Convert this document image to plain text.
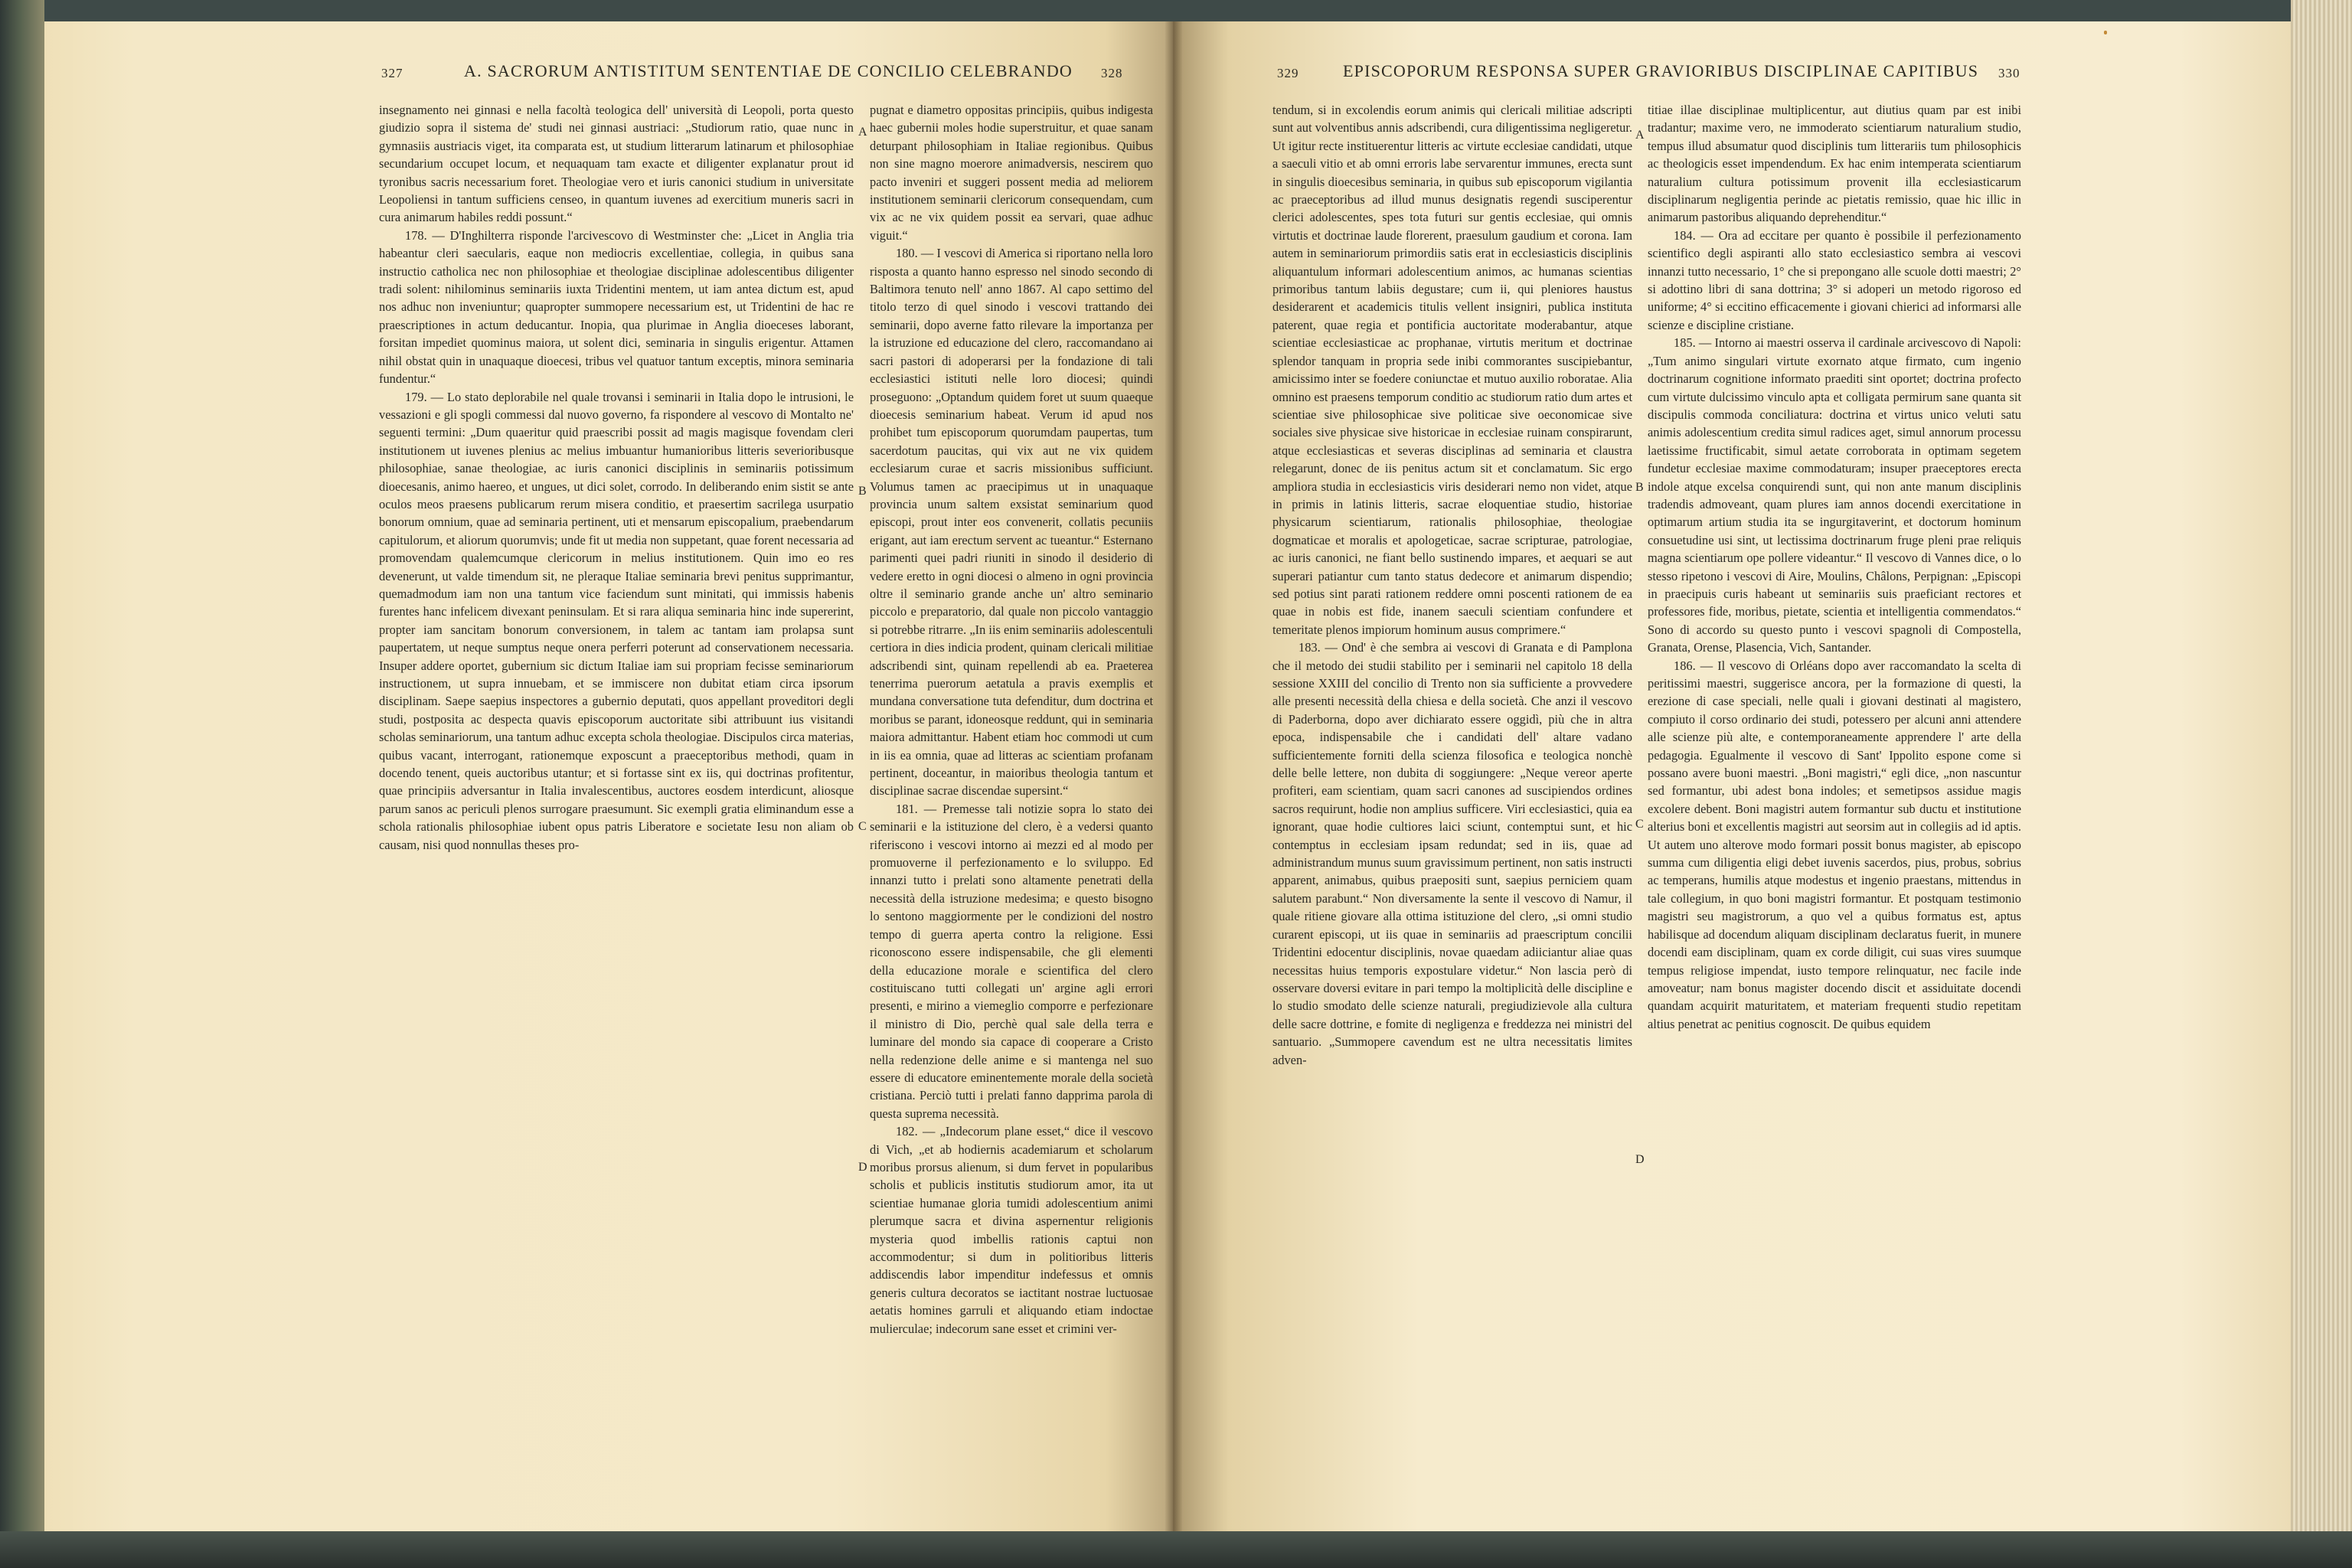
327	A. SACRORUM ANTISTITUM SENTENTIAE DE CONCILIO CELEBRANDO 328

insegnamento nei ginnasi e nella facoltà teologica dell' università di Leopoli, porta questo giudizio sopra il sistema de' studi nei ginnasi austriaci: „Studiorum ratio, quae nunc in gymnasiis austriacis viget, ita comparata est, ut studium litterarum latinarum et philosophiae secundarium occupet locum, et nequaquam tam exacte et diligenter explanatur prout id tyronibus sacris necessarium foret. Theologiae vero et iuris canonici studium in universitate Leopoliensi in tantum sufficiens censeo, in quantum iuvenes ad exercitium muneris sacri in cura animarum habiles reddi possunt.“

178. — D'Inghilterra risponde l'arcivescovo di Westminster che: „Licet in Anglia tria habeantur cleri saecularis, eaque non mediocris excellentiae, collegia, in quibus sana instructio catholica nec non philosophiae et theologiae disciplinae adolescentibus diligenter tradi solent: nihilominus seminariis iuxta Tridentini mentem, ut iam antea dictum est, apud nos adhuc non inveniuntur; quapropter summopere necessarium est, ut Tridentini de hac re praescriptiones in actum deducantur. Inopia, qua plurimae in Anglia dioeceses laborant, forsitan impediet quominus maiora, ut solent dici, seminaria in singulis erigentur. Attamen nihil obstat quin in unaquaque dioecesi, tribus vel quatuor tantum exceptis, minora seminaria fundentur.“

179. — Lo stato deplorabile nel quale trovansi i seminarii in Italia dopo le intrusioni, le vessazioni e gli spogli commessi dal nuovo governo, fa rispondere al vescovo di Montalto ne' seguenti termini: „Dum quaeritur quid praescribi possit ad magis magisque fovendam cleri institutionem ut iuvenes plenius ac melius imbuantur humanioribus litteris severioribusque philosophiae, sanae theologiae, ac iuris canonici disciplinis in seminariis potissimum dioecesanis, animo haereo, et ungues, ut dici solet, corrodo. In deliberando enim sistit se ante oculos meos praesens publicarum rerum misera conditio, et praesertim sacrilega usurpatio bonorum omnium, quae ad seminaria pertinent, uti et mensarum episcopalium, praebendarum capitulorum, et aliorum quorumvis; unde fit ut media non suppetant, quae forent necessaria ad promovendam qualemcumque clericorum in melius institutionem. Quin imo eo res devenerunt, ut valde timendum sit, ne pleraque Italiae seminaria brevi penitus supprimantur, quemadmodum iam non una tantum vice faciendum sunt minitati, qui immissis habenis furentes hanc infelicem divexant peninsulam. Et si rara aliqua seminaria hinc inde supererint, propter iam sancitam bonorum conversionem, in talem ac tantam iam prolapsa sunt paupertatem, ut neque sumptus neque onera perferri poterunt ad conservationem necessaria. Insuper addere oportet, gubernium sic dictum Italiae iam sui propriam fecisse seminariorum instructionem, ut supra innuebam, et se immiscere non dubitat etiam circa ipsorum disciplinam. Saepe saepius inspectores a gubernio deputati, quos appellant proveditori degli studi, postposita ac despecta quavis episcoporum auctoritate sibi attribuunt ius visitandi scholas seminariorum, una tantum adhuc excepta schola theologiae. Discipulos circa materias, quibus vacant, interrogant, rationemque exposcunt a praeceptoribus methodi, quam in docendo tenent, queis auctoribus utantur; et si fortasse sint ex iis, qui doctrinas profitentur, quae principiis adversantur in Italia invalescentibus, auctores eosdem interdicunt, aliosque parum sanos ac periculi plenos surrogare praesumunt. Sic exempli gratia eliminandum esse a schola rationalis philosophiae iubent opus patris Liberatore e societate Iesu non aliam ob causam, nisi quod nonnullas theses pro-

A
B
C
D

pugnat e diametro oppositas principiis, quibus indigesta haec gubernii moles hodie superstruitur, et quae sanam deturpant philosophiam in Italiae regionibus. Quibus non sine magno moerore animadversis, nescirem quo pacto inveniri et suggeri possent media ad meliorem institutionem seminarii clericorum consequendam, cum vix ac ne vix quidem possit ea servari, quae adhuc viguit.“

180. — I vescovi di America si riportano nella loro risposta a quanto hanno espresso nel sinodo secondo di Baltimora tenuto nell' anno 1867. Al capo settimo del titolo terzo di quel sinodo i vescovi trattando dei seminarii, dopo averne fatto rilevare la importanza per la istruzione ed educazione del clero, raccomandano ai sacri pastori di adoperarsi per la fondazione di tali ecclesiastici istituti nelle loro diocesi; quindi proseguono: „Optandum quidem foret ut suum quaeque dioecesis seminarium habeat. Verum id apud nos prohibet tum episcoporum quorumdam paupertas, tum sacerdotum paucitas, qui vix aut ne vix quidem ecclesiarum curae et sacris missionibus sufficiunt. Volumus tamen ac praecipimus ut in unaquaque provincia unum saltem exsistat seminarium quod episcopi, prout inter eos convenerit, collatis pecuniis erigant, aut iam erectum servent ac tueantur.“ Esternano parimenti quei padri riuniti in sinodo il desiderio di vedere eretto in ogni diocesi o almeno in ogni provincia oltre il seminario grande anche un' altro seminario piccolo e preparatorio, dal quale non piccolo vantaggio si potrebbe ritrarre. „In iis enim seminariis adolescentuli certiora in dies indicia prodent, quinam clericali militiae adscribendi sint, quinam repellendi ab ea. Praeterea tenerrima puerorum aetatula a pravis exemplis et mundana conversatione tuta defenditur, dum doctrina et moribus se parant, idoneosque reddunt, qui in seminaria maiora admittantur. Habent etiam hoc commodi ut cum in iis ea omnia, quae ad litteras ac scientiam profanam pertinent, doceantur, in maioribus theologia tantum et disciplinae sacrae discendae supersint.“

181. — Premesse tali notizie sopra lo stato dei seminarii e la istituzione del clero, è a vedersi quanto riferiscono i vescovi intorno ai mezzi ed al modo per promuoverne il perfezionamento e lo sviluppo. Ed innanzi tutto i prelati sono altamente penetrati della necessità della istruzione medesima; e questo bisogno lo sentono maggiormente per le condizioni del nostro tempo di guerra aperta contro la religione. Essi riconoscono essere indispensabile, che gli elementi della educazione morale e scientifica del clero costituiscano tutti collegati un' argine agli errori presenti, e mirino a viemeglio comporre e perfezionare il ministro di Dio, perchè qual sale della terra e luminare del mondo sia capace di cooperare a Cristo nella redenzione delle anime e si mantenga nel suo essere di educatore eminentemente morale della società cristiana. Perciò tutti i prelati fanno dapprima parola di questa suprema necessità.

182. — „Indecorum plane esset,“ dice il vescovo di Vich, „et ab hodiernis academiarum et scholarum moribus prorsus alienum, si dum fervet in popularibus scholis et publicis institutis studiorum amor, ita ut scientiae humanae gloria tumidi adolescentium animi plerumque sacra et divina aspernentur religionis mysteria quod imbellis rationis captui non accommodentur; si dum in politioribus litteris addiscendis labor impenditur indefessus et omnis generis cultura decoratos se iactitant nostrae luctuosae aetatis homines garruli et aliquando etiam indoctae mulierculae; indecorum sane esset et crimini ver-

329	EPISCOPORUM RESPONSA SUPER GRAVIORIBUS DISCIPLINAE CAPITIBUS 330

tendum, si in excolendis eorum animis qui clericali militiae adscripti sunt aut volventibus annis adscribendi, cura diligentissima negligeretur. Ut igitur recte instituerentur litteris ac virtute ecclesiae candidati, utque a saeculi vitio et ab omni erroris labe servarentur immunes, erecta sunt in singulis dioecesibus seminaria, in quibus sub episcoporum vigilantia ac praeceptoribus ad illud munus designatis regendi susciperentur clerici adolescentes, spes tota futuri sur gentis ecclesiae, qui omnis virtutis et doctrinae laude florerent, praesulum gaudium et corona. Iam autem in seminariorum primordiis satis erat in ecclesiasticis disciplinis aliquantulum informari adolescentium animos, ac humanas scientias primoribus tantum labiis degustare; cum ii, qui pleniores haustus desiderarent et academicis titulis vellent insigniri, publica instituta paterent, quae regia et pontificia auctoritate moderabantur, atque scientiae ecclesiasticae ac prophanae, virtutis meritum et doctrinae splendor tanquam in propria sede inibi commorantes suscipiebantur, amicissimo inter se foedere coniunctae et mutuo auxilio roboratae. Alia omnino est praesens temporum conditio ac studiorum ratio dum artes et scientiae sive philosophicae sive politicae sive oeconomicae sive sociales sive physicae sive historicae in ecclesiae ruinam conspirarunt, atque ecclesiasticas et severas disciplinas ad seminaria et claustra relegarunt, donec de iis penitus actum sit et conclamatum. Sic ergo ampliora studia in ecclesiasticis viris desiderari nemo non videt, atque in primis in latinis litteris, sacrae eloquentiae studio, historiae physicarum scientiarum, rationalis philosophiae, theologiae dogmaticae et moralis et apologeticae, sacrae scripturae, patrologiae, ac iuris canonici, ne fiant bello sustinendo impares, et aequari se aut superari patiantur cum tanto status dedecore et animarum dispendio; sed potius sint parati rationem reddere omni poscenti rationem de ea quae in nobis est fide, inanem saeculi scientiam confundere et temeritate plenos impiorum hominum ausus comprimere.“

183. — Ond' è che sembra ai vescovi di Granata e di Pamplona che il metodo dei studii stabilito per i seminarii nel capitolo 18 della sessione XXIII del concilio di Trento non sia sufficiente a provvedere alle presenti necessità della chiesa e della società. Che anzi il vescovo di Paderborna, dopo aver dichiarato essere oggidì, più che in altra epoca, indispensabile che i candidati dell' altare vadano sufficientemente forniti della scienza filosofica e teologica nonchè delle belle lettere, non dubita di soggiungere: „Neque vereor aperte profiteri, eam scientiam, quam sacri canones ad suscipiendos ordines sacros requirunt, hodie non amplius sufficere. Viri ecclesiastici, quia ea ignorant, quae hodie cultiores laici sciunt, contemptui sunt, et hic contemptus in ecclesiam ipsam redundat; sed in iis, quae ad administrandum munus suum gravissimum pertinent, non satis instructi apparent, animabus, quibus praepositi sunt, saepius perniciem quam salutem parabunt.“ Non diversamente la sente il vescovo di Namur, il quale ritiene giovare alla ottima istituzione del clero, „si omni studio curarent episcopi, ut iis quae in seminariis ad praescriptum concilii Tridentini edocentur disciplinis, novae quaedam adiiciantur aliae quas necessitas huius temporis expostulare videtur.“ Non lascia però di osservare doversi evitare in pari tempo la moltiplicità delle discipline e lo studio smodato delle scienze naturali, pregiudizievole alla cultura delle sacre dottrine, e fomite di negligenza e freddezza nei ministri del santuario. „Summopere cavendum est ne ultra necessitatis limites adven-

A
B
C
D

titiae illae disciplinae multiplicentur, aut diutius quam par est inibi tradantur; maxime vero, ne immoderato scientiarum naturalium studio, tempus illud absumatur quod disciplinis tum litterariis tum philosophicis ac theologicis esset impendendum. Ex hac enim intemperata scientiarum naturalium cultura potissimum provenit illa ecclesiasticarum disciplinarum negligentia perinde ac pietatis remissio, quae hic illic in animarum pastoribus aliquando deprehenditur.“

184. — Ora ad eccitare per quanto è possibile il perfezionamento scientifico degli aspiranti allo stato ecclesiastico sembra ai vescovi innanzi tutto necessario, 1° che si prepongano alle scuole dotti maestri; 2° si adottino libri di sana dottrina; 3° si adoperi un metodo rigoroso ed uniforme; 4° si eccitino efficacemente i giovani chierici ad informarsi alle scienze e discipline cristiane.

185. — Intorno ai maestri osserva il cardinale arcivescovo di Napoli: „Tum animo singulari virtute exornato atque firmato, cum ingenio doctrinarum cognitione informato praediti sint oportet; doctrina profecto cum virtute dulcissimo vinculo apta et colligata permirum sane quanta sit discipulis commoda conciliatura: doctrina et virtus unico veluti satu animis adolescentium credita simul radices aget, simul annorum processu laetissime fructificabit, simul aetate corroborata in optimam segetem fundetur ecclesiae maxime commodaturam; insuper praeceptores erecta indole atque excelsa conquirendi sunt, qui non ante manum disciplinis tradendis admoveant, quam plures iam annos docendi exercitatione in optimarum artium studia ita se ingurgitaverint, et doctorum hominum consuetudine usi sint, ut lectissima doctrinarum fruge pleni prae reliquis magna scientiarum ope pollere videantur.“ Il vescovo di Vannes dice, o lo stesso ripetono i vescovi di Aire, Moulins, Châlons, Perpignan: „Episcopi in praecipuis curis habeant ut seminariis suis praeficiant rectores et professores fide, moribus, pietate, scientia et intelligentia commendatos.“ Sono di accordo su questo punto i vescovi spagnoli di Compostella, Granata, Orense, Plasencia, Vich, Santander.

186. — Il vescovo di Orléans dopo aver raccomandato la scelta di peritissimi maestri, suggerisce ancora, per la formazione di questi, la erezione di case speciali, nelle quali i giovani destinati al magistero, compiuto il corso ordinario dei studi, potessero per alcuni anni attendere alle scienze più alte, e contemporaneamente apprendere l' arte della pedagogia. Egualmente il vescovo di Sant' Ippolito espone come si possano avere buoni maestri. „Boni magistri,“ egli dice, „non nascuntur sed formantur, ubi adest bona indoles; et semetipsos assidue magis excolere debent. Boni magistri autem formantur sub ductu et institutione alterius boni et excellentis magistri aut seorsim aut in collegiis ad id aptis. Ut autem uno alterove modo formari possit bonus magister, ab episcopo summa cum diligentia eligi debet iuvenis sacerdos, pius, probus, sobrius ac temperans, humilis atque modestus et ingenio praestans, mittendus in tale collegium, in quo boni magistri formantur. Et postquam testimonio magistri seu magistrorum, a quo vel a quibus formatus est, aptus habilisque ad docendum aliquam disciplinam declaratus fuerit, in munere docendi eam disciplinam, quam ex corde diligit, cui suas vires suumque tempus religiose impendat, iusto tempore relinquatur, nec facile inde amoveatur; nam bonus magister docendo discit et assiduitate docendi quandam acquirit maturitatem, et materiam frequenti studio repetitam altius penetrat ac penitius cognoscit. De quibus equidem
